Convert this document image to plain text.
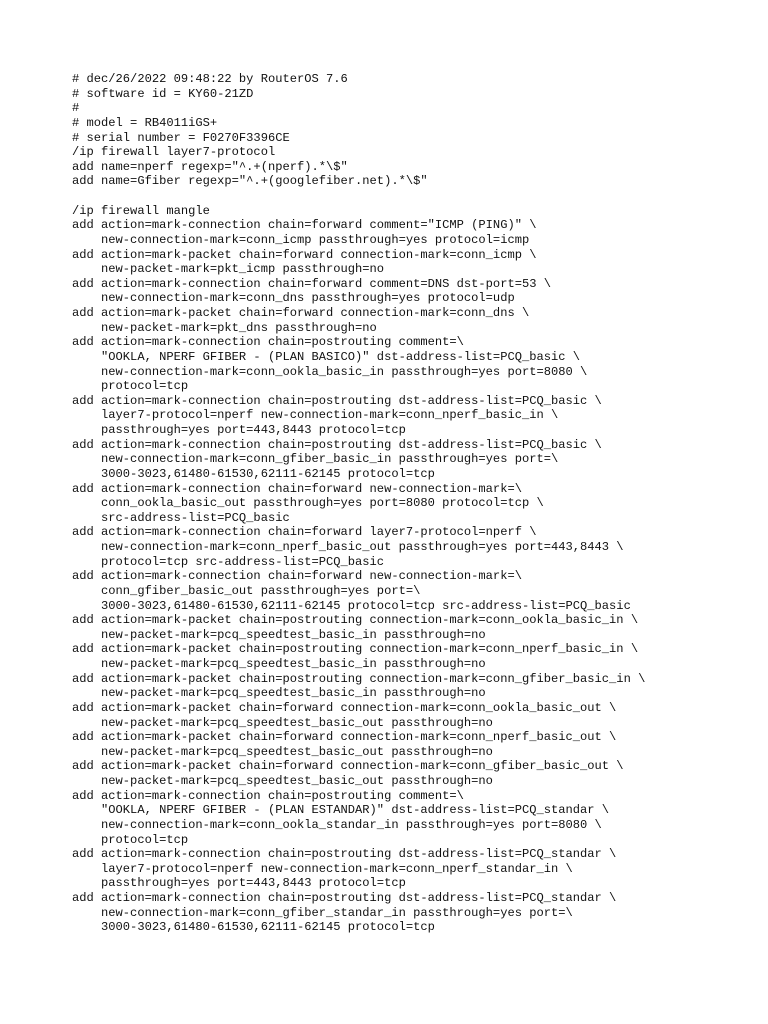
# dec/26/2022 09:48:22 by RouterOS 7.6
# software id = KY60-21ZD
#
# model = RB4011iGS+
# serial number = F0270F3396CE
/ip firewall layer7-protocol
add name=nperf regexp="^.+(nperf).*\$"
add name=Gfiber regexp="^.+(googlefiber.net).*\$"
/ip firewall mangle
add action=mark-connection chain=forward comment="ICMP (PING)" \
new-connection-mark=conn_icmp passthrough=yes protocol=icmp
add action=mark-packet chain=forward connection-mark=conn_icmp \
new-packet-mark=pkt_icmp passthrough=no
add action=mark-connection chain=forward comment=DNS dst-port=53 \
new-connection-mark=conn_dns passthrough=yes protocol=udp
add action=mark-packet chain=forward connection-mark=conn_dns \
new-packet-mark=pkt_dns passthrough=no
add action=mark-connection chain=postrouting comment=\
"OOKLA, NPERF GFIBER - (PLAN BASICO)" dst-address-list=PCQ_basic \
new-connection-mark=conn_ookla_basic_in passthrough=yes port=8080 \
protocol=tcp
add action=mark-connection chain=postrouting dst-address-list=PCQ_basic \
layer7-protocol=nperf new-connection-mark=conn_nperf_basic_in \
passthrough=yes port=443,8443 protocol=tcp
add action=mark-connection chain=postrouting dst-address-list=PCQ_basic \
new-connection-mark=conn_gfiber_basic_in passthrough=yes port=\
3000-3023,61480-61530,62111-62145 protocol=tcp
add action=mark-connection chain=forward new-connection-mark=\
conn_ookla_basic_out passthrough=yes port=8080 protocol=tcp \
src-address-list=PCQ_basic
add action=mark-connection chain=forward layer7-protocol=nperf \
new-connection-mark=conn_nperf_basic_out passthrough=yes port=443,8443 \
protocol=tcp src-address-list=PCQ_basic
add action=mark-connection chain=forward new-connection-mark=\
conn_gfiber_basic_out passthrough=yes port=\
3000-3023,61480-61530,62111-62145 protocol=tcp src-address-list=PCQ_basic
add action=mark-packet chain=postrouting connection-mark=conn_ookla_basic_in \
new-packet-mark=pcq_speedtest_basic_in passthrough=no
add action=mark-packet chain=postrouting connection-mark=conn_nperf_basic_in \
new-packet-mark=pcq_speedtest_basic_in passthrough=no
add action=mark-packet chain=postrouting connection-mark=conn_gfiber_basic_in \
new-packet-mark=pcq_speedtest_basic_in passthrough=no
add action=mark-packet chain=forward connection-mark=conn_ookla_basic_out \
new-packet-mark=pcq_speedtest_basic_out passthrough=no
add action=mark-packet chain=forward connection-mark=conn_nperf_basic_out \
new-packet-mark=pcq_speedtest_basic_out passthrough=no
add action=mark-packet chain=forward connection-mark=conn_gfiber_basic_out \
new-packet-mark=pcq_speedtest_basic_out passthrough=no
add action=mark-connection chain=postrouting comment=\
"OOKLA, NPERF GFIBER - (PLAN ESTANDAR)" dst-address-list=PCQ_standar \
new-connection-mark=conn_ookla_standar_in passthrough=yes port=8080 \
protocol=tcp
add action=mark-connection chain=postrouting dst-address-list=PCQ_standar \
layer7-protocol=nperf new-connection-mark=conn_nperf_standar_in \
passthrough=yes port=443,8443 protocol=tcp
add action=mark-connection chain=postrouting dst-address-list=PCQ_standar \
new-connection-mark=conn_gfiber_standar_in passthrough=yes port=\
3000-3023,61480-61530,62111-62145 protocol=tcp
